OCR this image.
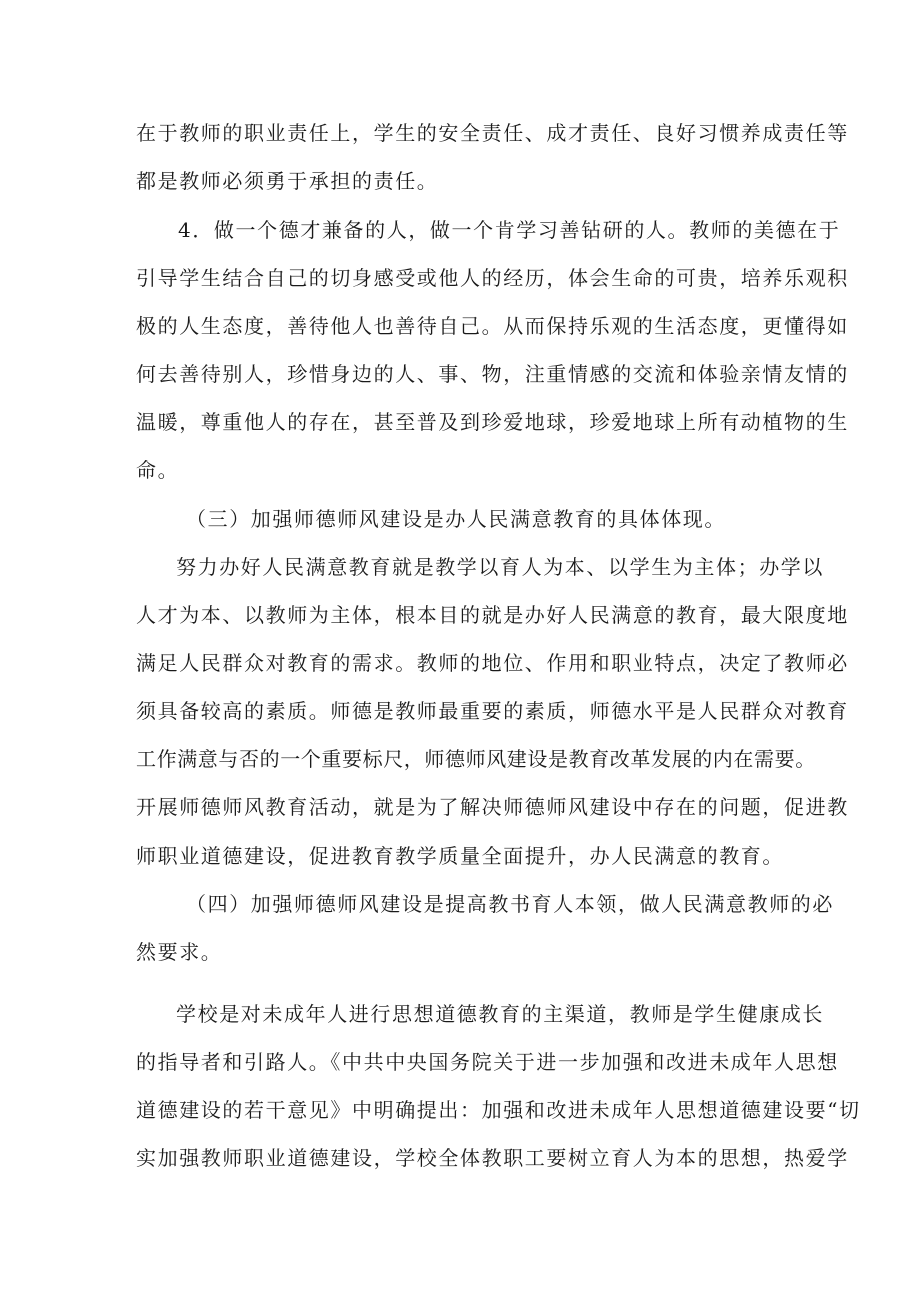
在于教师的职业责任上，学生的安全责任、成才责任、良好习惯养成责任等
都是教师必须勇于承担的责任。
4．做一个德才兼备的人，做一个肯学习善钻研的人。教师的美德在于
引导学生结合自己的切身感受或他人的经历，体会生命的可贵，培养乐观积
极的人生态度，善待他人也善待自己。从而保持乐观的生活态度，更懂得如
何去善待别人，珍惜身边的人、事、物，注重情感的交流和体验亲情友情的
温暖，尊重他人的存在，甚至普及到珍爱地球，珍爱地球上所有动植物的生
命。
（三）加强师德师风建设是办人民满意教育的具体体现。
努力办好人民满意教育就是教学以育人为本、以学生为主体；办学以
人才为本、以教师为主体，根本目的就是办好人民满意的教育，最大限度地
满足人民群众对教育的需求。教师的地位、作用和职业特点，决定了教师必
须具备较高的素质。师德是教师最重要的素质，师德水平是人民群众对教育
工作满意与否的一个重要标尺，师德师风建设是教育改革发展的内在需要。
开展师德师风教育活动，就是为了解决师德师风建设中存在的问题，促进教
师职业道德建设，促进教育教学质量全面提升，办人民满意的教育。
（四）加强师德师风建设是提高教书育人本领，做人民满意教师的必
然要求。
学校是对未成年人进行思想道德教育的主渠道，教师是学生健康成长
的指导者和引路人。《中共中央国务院关于进一步加强和改进未成年人思想
道德建设的若干意见》中明确提出：加强和改进未成年人思想道德建设要“切
实加强教师职业道德建设，学校全体教职工要树立育人为本的思想，热爱学
